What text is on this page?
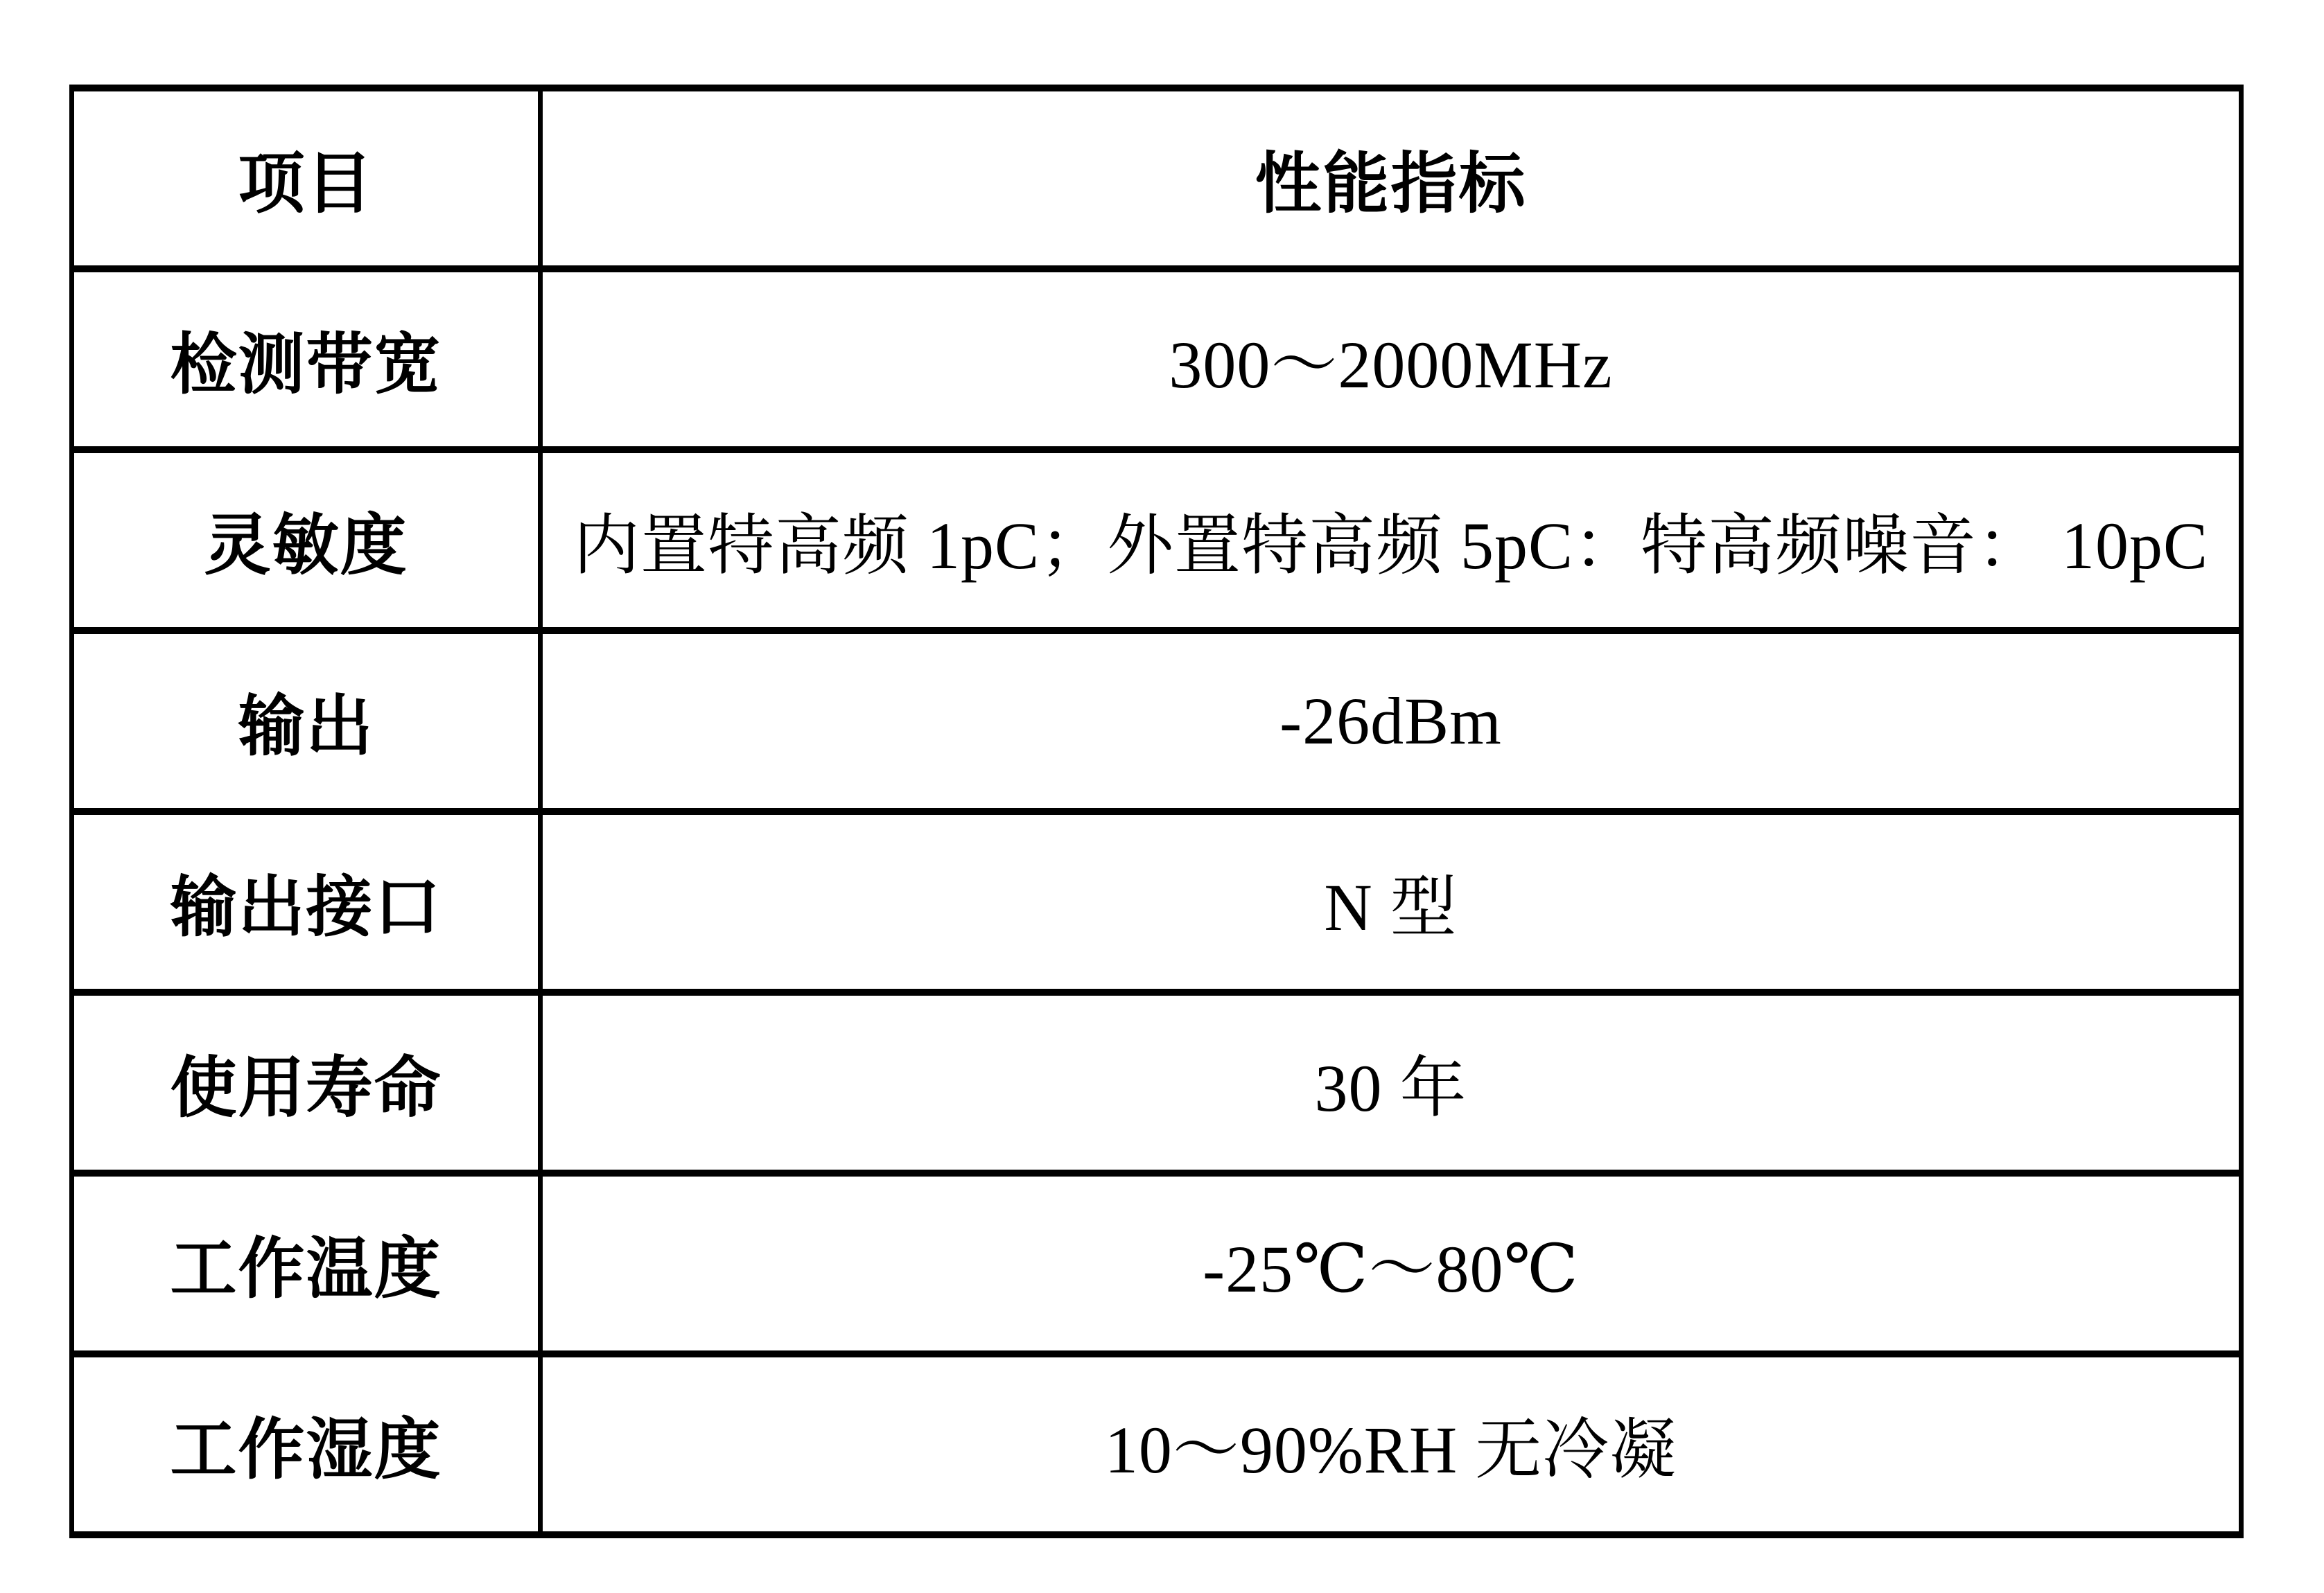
项目	性能指标
检测带宽	300～2000MHz
灵敏度	内置特高频 1pC；外置特高频 5pC：特高频噪音： 10pC
输出	-26dBm
输出接口	N 型
使用寿命	30 年
工作温度	-25℃～80℃
工作湿度	10～90%RH 无冷凝
